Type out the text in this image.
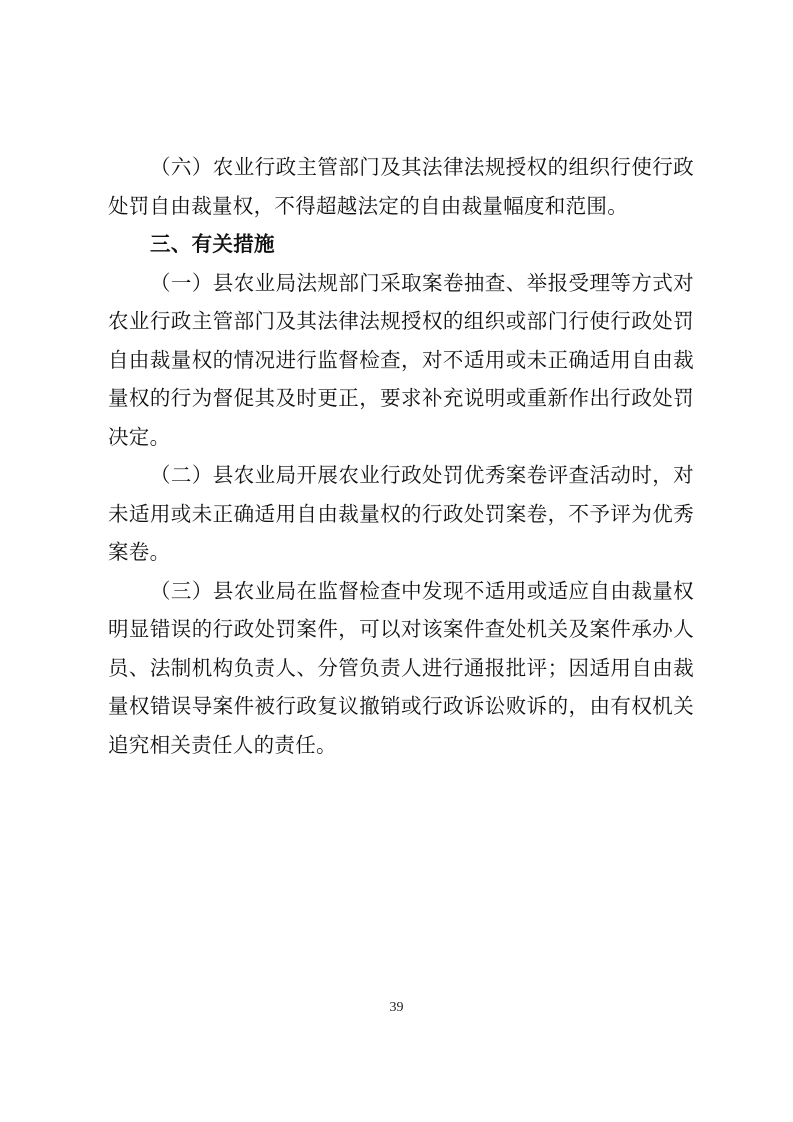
（六）农业行政主管部门及其法律法规授权的组织行使行政处罚自由裁量权，不得超越法定的自由裁量幅度和范围。

三、有关措施

（一）县农业局法规部门采取案卷抽查、举报受理等方式对农业行政主管部门及其法律法规授权的组织或部门行使行政处罚自由裁量权的情况进行监督检查，对不适用或未正确适用自由裁量权的行为督促其及时更正，要求补充说明或重新作出行政处罚决定。

（二）县农业局开展农业行政处罚优秀案卷评查活动时，对未适用或未正确适用自由裁量权的行政处罚案卷，不予评为优秀案卷。

（三）县农业局在监督检查中发现不适用或适应自由裁量权明显错误的行政处罚案件，可以对该案件查处机关及案件承办人员、法制机构负责人、分管负责人进行通报批评；因适用自由裁量权错误导案件被行政复议撤销或行政诉讼败诉的，由有权机关追究相关责任人的责任。

39
